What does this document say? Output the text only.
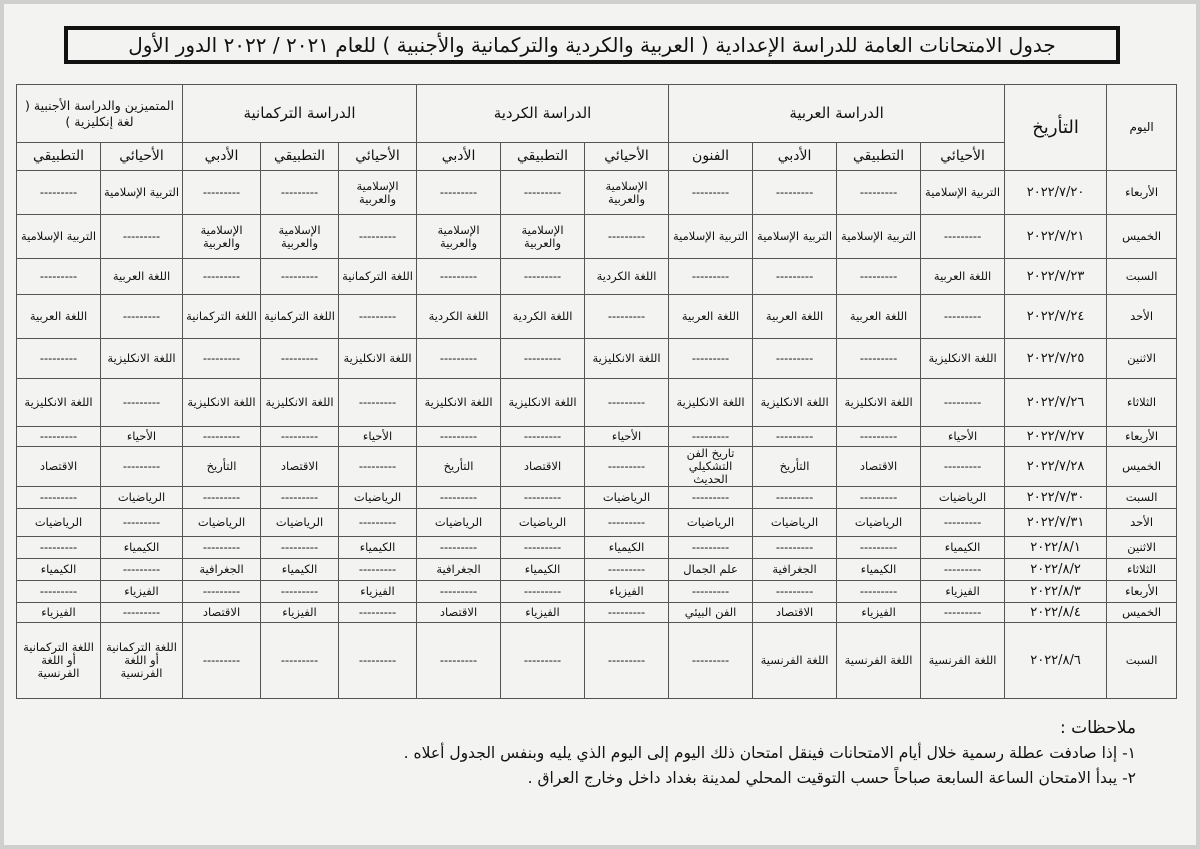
جدول الامتحانات العامة للدراسة الإعدادية ( العربية والكردية والتركمانية والأجنبية ) للعام ٢٠٢١ / ٢٠٢٢ الدور الأول
اليوم	التأريخ	الدراسة العربية				الدراسة الكردية			الدراسة التركمانية			المتميزين والدراسة الأجنبية ( لغة إنكليزية )	
		الأحيائي	التطبيقي	الأدبي	الفنون	الأحيائي	التطبيقي	الأدبي	الأحيائي	التطبيقي	الأدبي	الأحيائي	التطبيقي
الأربعاء	٢٠٢٢/٧/٢٠	التربية الإسلامية	---------	---------	---------	الإسلامية والعربية	---------	---------	الإسلامية والعربية	---------	---------	التربية الإسلامية	---------
الخميس	٢٠٢٢/٧/٢١	---------	التربية الإسلامية	التربية الإسلامية	التربية الإسلامية	---------	الإسلامية والعربية	الإسلامية والعربية	---------	الإسلامية والعربية	الإسلامية والعربية	---------	التربية الإسلامية
السبت	٢٠٢٢/٧/٢٣	اللغة العربية	---------	---------	---------	اللغة الكردية	---------	---------	اللغة التركمانية	---------	---------	اللغة العربية	---------
الأحد	٢٠٢٢/٧/٢٤	---------	اللغة العربية	اللغة العربية	اللغة العربية	---------	اللغة الكردية	اللغة الكردية	---------	اللغة التركمانية	اللغة التركمانية	---------	اللغة العربية
الاثنين	٢٠٢٢/٧/٢٥	اللغة الانكليزية	---------	---------	---------	اللغة الانكليزية	---------	---------	اللغة الانكليزية	---------	---------	اللغة الانكليزية	---------
الثلاثاء	٢٠٢٢/٧/٢٦	---------	اللغة الانكليزية	اللغة الانكليزية	اللغة الانكليزية	---------	اللغة الانكليزية	اللغة الانكليزية	---------	اللغة الانكليزية	اللغة الانكليزية	---------	اللغة الانكليزية
الأربعاء	٢٠٢٢/٧/٢٧	الأحياء	---------	---------	---------	الأحياء	---------	---------	الأحياء	---------	---------	الأحياء	---------
الخميس	٢٠٢٢/٧/٢٨	---------	الاقتصاد	التأريخ	تاريخ الفن التشكيلي الحديث	---------	الاقتصاد	التأريخ	---------	الاقتصاد	التأريخ	---------	الاقتصاد
السبت	٢٠٢٢/٧/٣٠	الرياضيات	---------	---------	---------	الرياضيات	---------	---------	الرياضيات	---------	---------	الرياضيات	---------
الأحد	٢٠٢٢/٧/٣١	---------	الرياضيات	الرياضيات	الرياضيات	---------	الرياضيات	الرياضيات	---------	الرياضيات	الرياضيات	---------	الرياضيات
الاثنين	٢٠٢٢/٨/١	الكيمياء	---------	---------	---------	الكيمياء	---------	---------	الكيمياء	---------	---------	الكيمياء	---------
الثلاثاء	٢٠٢٢/٨/٢	---------	الكيمياء	الجغرافية	علم الجمال	---------	الكيمياء	الجغرافية	---------	الكيمياء	الجغرافية	---------	الكيمياء
الأربعاء	٢٠٢٢/٨/٣	الفيزياء	---------	---------	---------	الفيزياء	---------	---------	الفيزياء	---------	---------	الفيزياء	---------
الخميس	٢٠٢٢/٨/٤	---------	الفيزياء	الاقتصاد	الفن البيئي	---------	الفيزياء	الاقتصاد	---------	الفيزياء	الاقتصاد	---------	الفيزياء
السبت	٢٠٢٢/٨/٦	اللغة الفرنسية	اللغة الفرنسية	اللغة الفرنسية	---------	---------	---------	---------	---------	---------	---------	اللغة التركمانية أو اللغة الفرنسية	اللغة التركمانية أو اللغة الفرنسية
ملاحظات :
١- إذا صادفت عطلة رسمية خلال أيام الامتحانات فينقل امتحان ذلك اليوم إلى اليوم الذي يليه وبنفس الجدول أعلاه .
٢- يبدأ الامتحان الساعة السابعة صباحاً حسب التوقيت المحلي لمدينة بغداد داخل وخارج العراق .
